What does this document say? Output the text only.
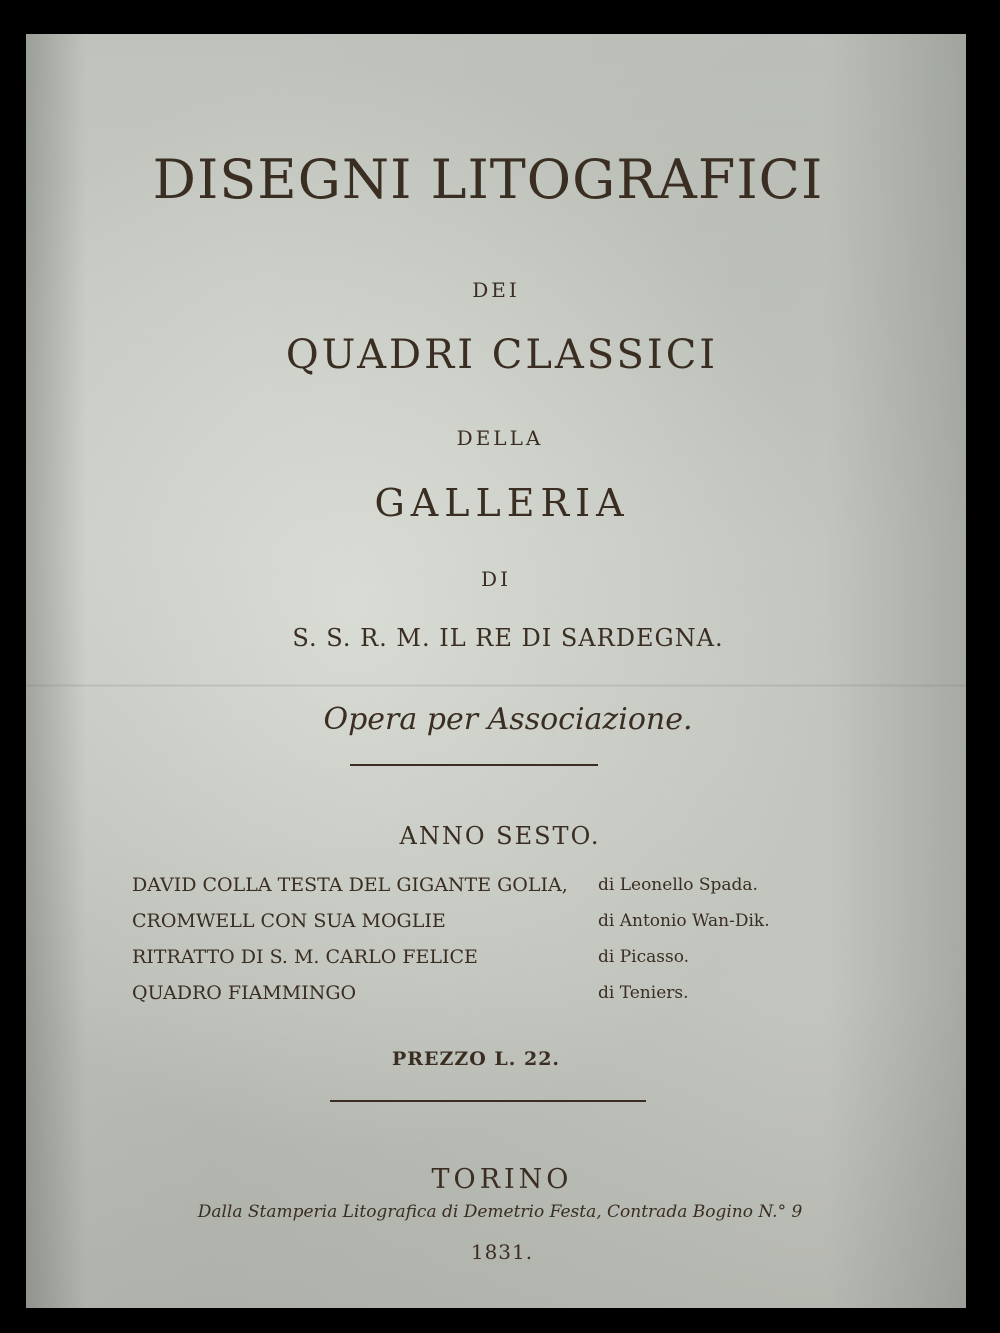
DISEGNI LITOGRAFICI
DEI
QUADRI CLASSICI
DELLA
GALLERIA
DI
S. S. R. M. IL RE DI SARDEGNA.
Opera per Associazione.
ANNO SESTO.
DAVID COLLA TESTA DEL GIGANTE GOLIA, di Leonello Spada.
CROMWELL CON SUA MOGLIE	di Antonio Wan-Dik.
RITRATTO DI S. M. CARLO FELICE	di Picasso.
QUADRO FIAMMINGO	di Teniers.
PREZZO L. 22.
TORINO
Dalla Stamperia Litografica di Demetrio Festa, Contrada Bogino N.° 9
1831.
